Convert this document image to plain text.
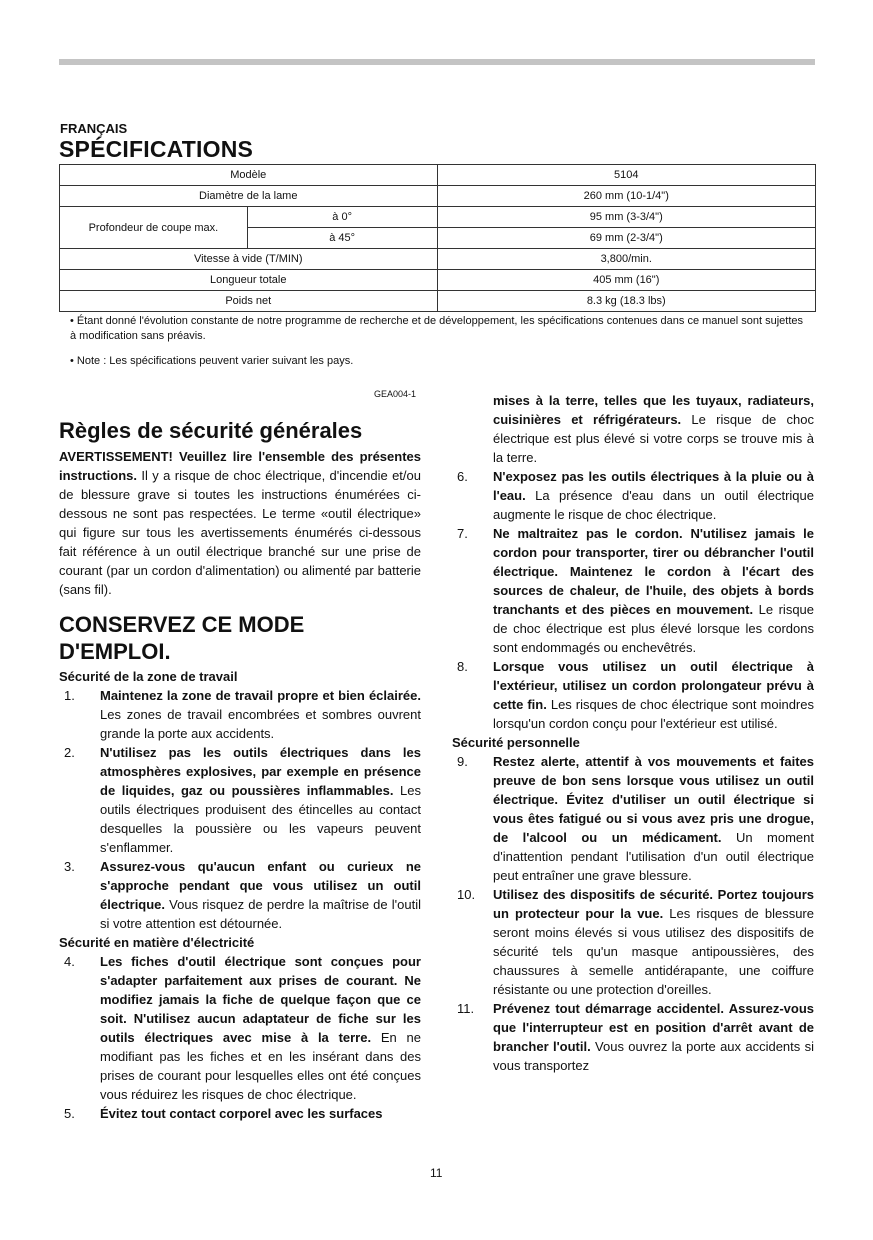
FRANÇAIS
SPÉCIFICATIONS
Modèle		5104
Diamètre de la lame		260 mm (10-1/4")
Profondeur de coupe max.	à 0°	95 mm (3-3/4")
	à 45°	69 mm (2-3/4")
Vitesse à vide (T/MIN)		3,800/min.
Longueur totale		405 mm (16")
Poids net		8.3 kg (18.3 lbs)

• Étant donné l'évolution constante de notre programme de recherche et de développement, les spécifications contenues dans ce manuel sont sujettes à modification sans préavis.

• Note : Les spécifications peuvent varier suivant les pays.

GEA004-1
Règles de sécurité générales

AVERTISSEMENT! Veuillez lire l'ensemble des présentes instructions. Il y a risque de choc électrique, d'incendie et/ou de blessure grave si toutes les instructions énumérées ci-dessous ne sont pas respectées. Le terme «outil électrique» qui figure sur tous les avertissements énumérés ci-dessous fait référence à un outil électrique branché sur une prise de courant (par un cordon d'alimentation) ou alimenté par batterie (sans fil).

CONSERVEZ CE MODE
D'EMPLOI.

Sécurité de la zone de travail

1.	Maintenez la zone de travail propre et bien éclairée. Les zones de travail encombrées et sombres ouvrent grande la porte aux accidents.
2.	N'utilisez pas les outils électriques dans les atmosphères explosives, par exemple en présence de liquides, gaz ou poussières inflammables. Les outils électriques produisent des étincelles au contact desquelles la poussière ou les vapeurs peuvent s'enflammer.
3.	Assurez-vous qu'aucun enfant ou curieux ne s'approche pendant que vous utilisez un outil électrique. Vous risquez de perdre la maîtrise de l'outil si votre attention est détournée.

Sécurité en matière d'électricité

4.	Les fiches d'outil électrique sont conçues pour s'adapter parfaitement aux prises de courant. Ne modifiez jamais la fiche de quelque façon que ce soit. N'utilisez aucun adaptateur de fiche sur les outils électriques avec mise à la terre. En ne modifiant pas les fiches et en les insérant dans des prises de courant pour lesquelles elles ont été conçues vous réduirez les risques de choc électrique.
5.	Évitez tout contact corporel avec les surfaces
mises à la terre, telles que les tuyaux, radiateurs, cuisinières et réfrigérateurs. Le risque de choc électrique est plus élevé si votre corps se trouve mis à la terre.
6.	N'exposez pas les outils électriques à la pluie ou à l'eau. La présence d'eau dans un outil électrique augmente le risque de choc électrique.
7.	Ne maltraitez pas le cordon. N'utilisez jamais le cordon pour transporter, tirer ou débrancher l'outil électrique. Maintenez le cordon à l'écart des sources de chaleur, de l'huile, des objets à bords tranchants et des pièces en mouvement. Le risque de choc électrique est plus élevé lorsque les cordons sont endommagés ou enchevêtrés.
8.	Lorsque vous utilisez un outil électrique à l'extérieur, utilisez un cordon prolongateur prévu à cette fin. Les risques de choc électrique sont moindres lorsqu'un cordon conçu pour l'extérieur est utilisé.

Sécurité personnelle

9.	Restez alerte, attentif à vos mouvements et faites preuve de bon sens lorsque vous utilisez un outil électrique. Évitez d'utiliser un outil électrique si vous êtes fatigué ou si vous avez pris une drogue, de l'alcool ou un médicament. Un moment d'inattention pendant l'utilisation d'un outil électrique peut entraîner une grave blessure.
10.	Utilisez des dispositifs de sécurité. Portez toujours un protecteur pour la vue. Les risques de blessure seront moins élevés si vous utilisez des dispositifs de sécurité tels qu'un masque antipoussières, des chaussures à semelle antidérapante, une coiffure résistante ou une protection d'oreilles.
11.	Prévenez tout démarrage accidentel. Assurez-vous que l'interrupteur est en position d'arrêt avant de brancher l'outil. Vous ouvrez la porte aux accidents si vous transportez
11
